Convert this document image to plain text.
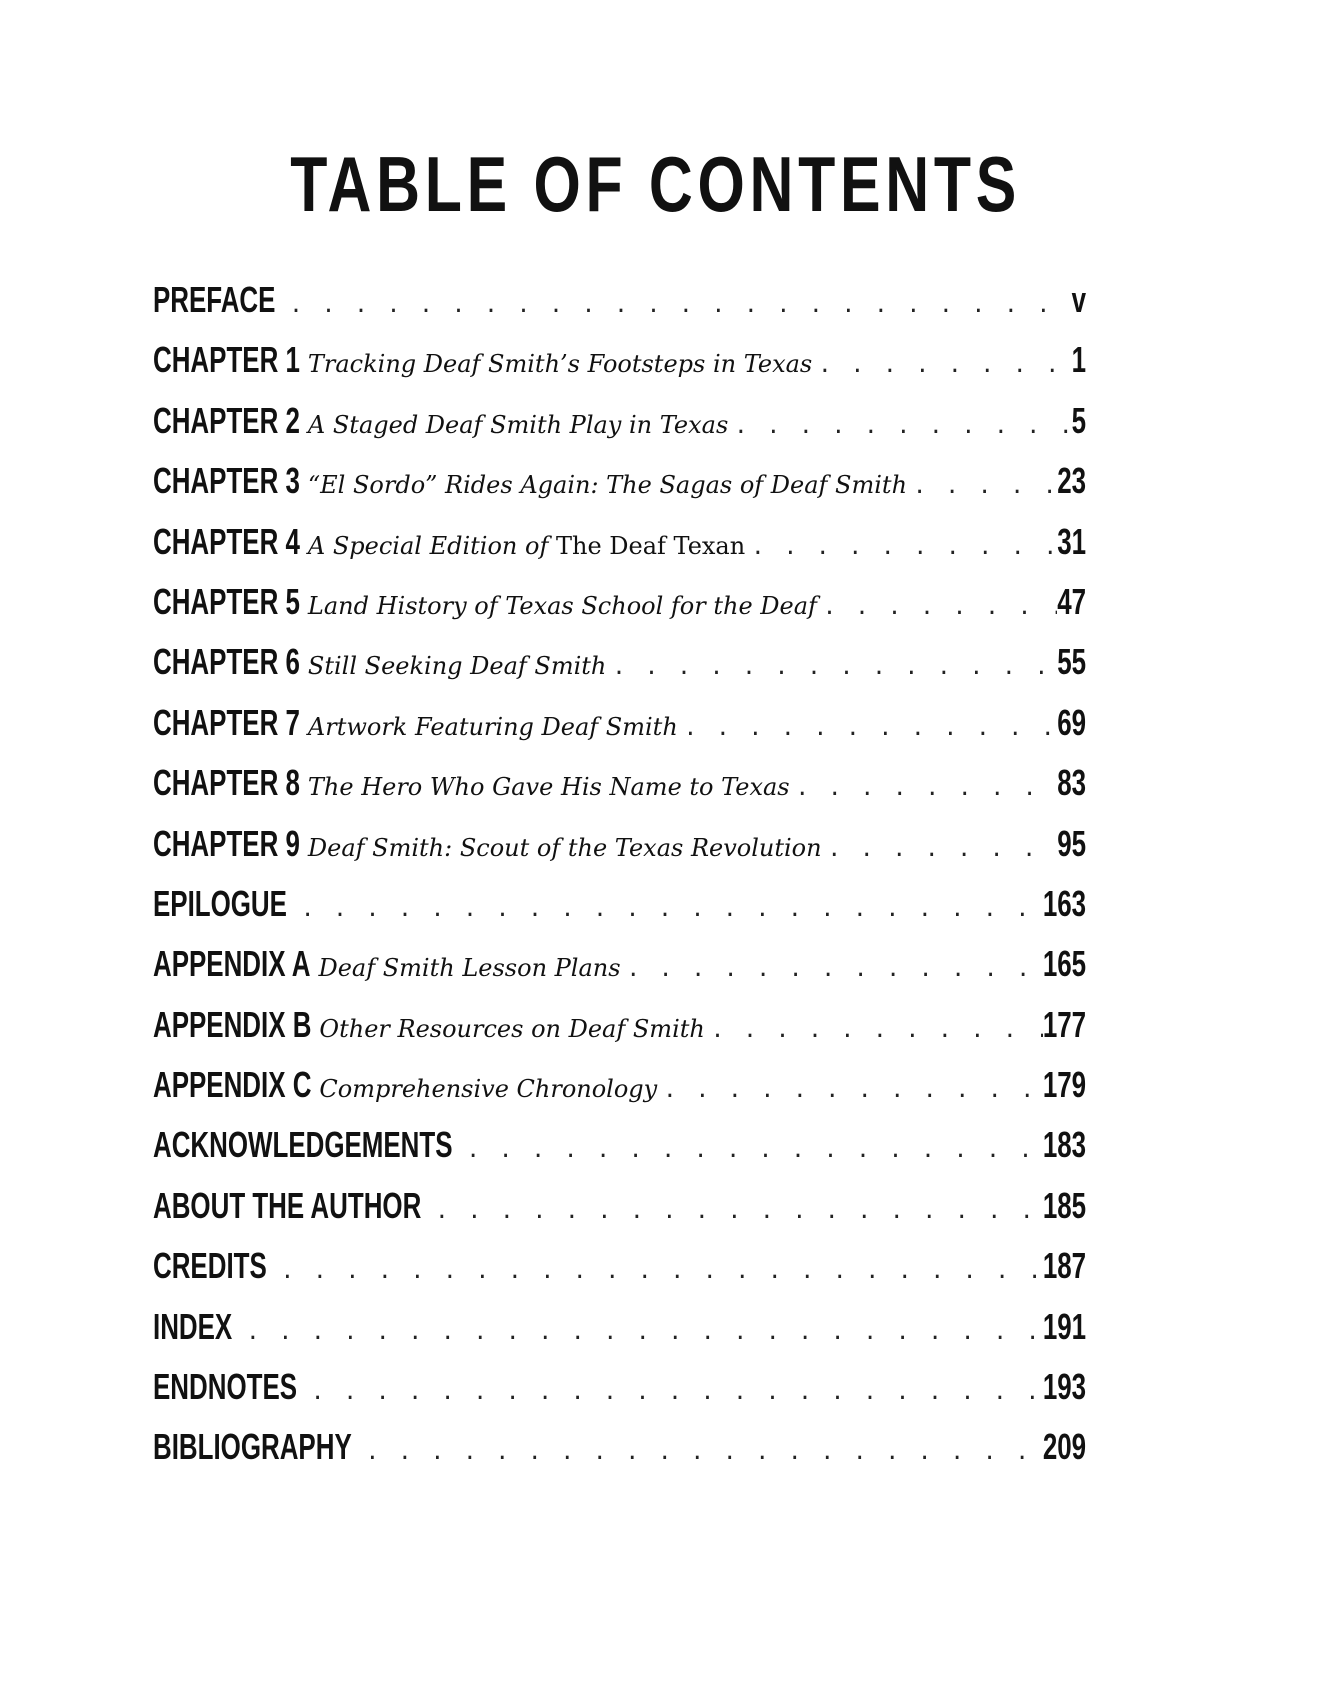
TABLE OF CONTENTS
PREFACE . . .	v
CHAPTER 1 Tracking Deaf Smith’s Footsteps in Texas . . .	1
CHAPTER 2 A Staged Deaf Smith Play in Texas . . .	5
CHAPTER 3 “El Sordo” Rides Again: The Sagas of Deaf Smith . . .	23
CHAPTER 4 A Special Edition of The Deaf Texan . . .	31
CHAPTER 5 Land History of Texas School for the Deaf . . .	47
CHAPTER 6 Still Seeking Deaf Smith . . .	55
CHAPTER 7 Artwork Featuring Deaf Smith . . .	69
CHAPTER 8 The Hero Who Gave His Name to Texas . . .	83
CHAPTER 9 Deaf Smith: Scout of the Texas Revolution . . .	95
EPILOGUE . . .	163
APPENDIX A Deaf Smith Lesson Plans . . .	165
APPENDIX B Other Resources on Deaf Smith . . .	177
APPENDIX C Comprehensive Chronology . . .	179
ACKNOWLEDGEMENTS . . .	183
ABOUT THE AUTHOR . . .	185
CREDITS . . .	187
INDEX . . .	191
ENDNOTES . . .	193
BIBLIOGRAPHY . . .	209
